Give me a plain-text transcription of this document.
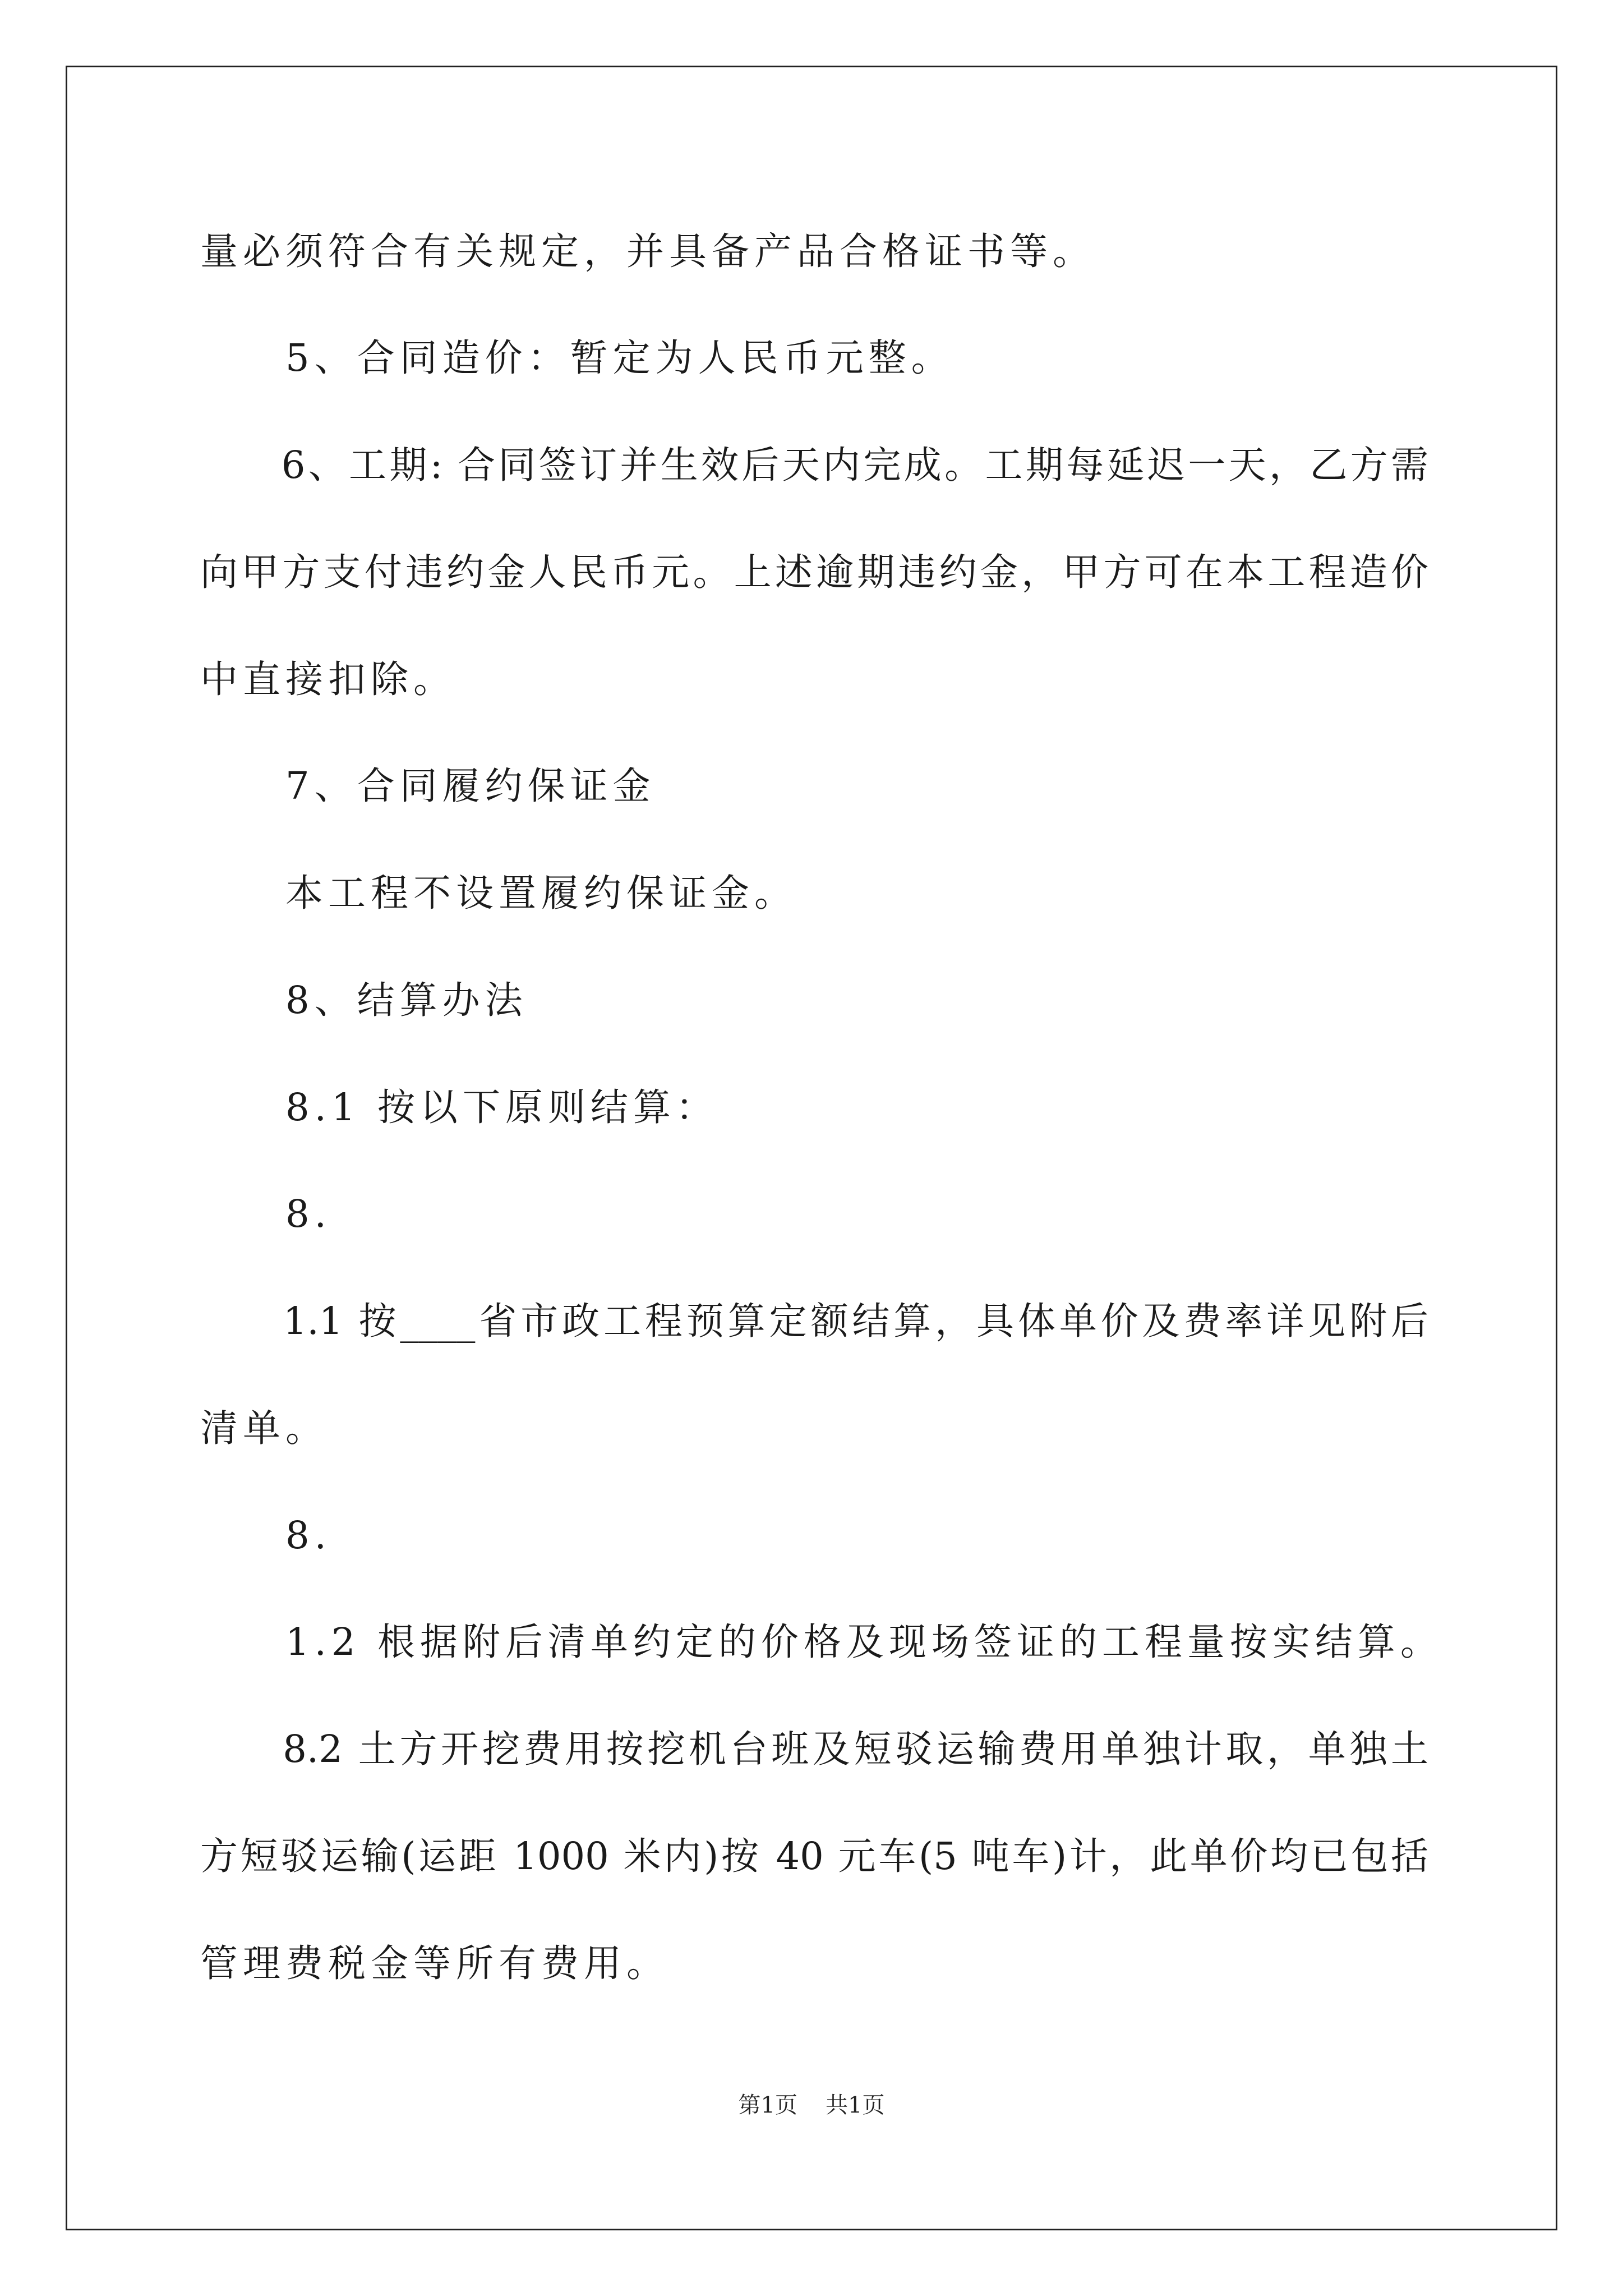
量必须符合有关规定，并具备产品合格证书等。
　　5、合同造价：暂定为人民币元整。
　　6、工期: 合同签订并生效后天内完成。工期每延迟一天，乙方需
向甲方支付违约金人民币元。上述逾期违约金，甲方可在本工程造价
中直接扣除。
　　7、合同履约保证金
　　本工程不设置履约保证金。
　　8、结算办法
　　8.1 按以下原则结算：
　　8.
　　1.1 按____省市政工程预算定额结算，具体单价及费率详见附后
清单。
　　8.
　　1.2 根据附后清单约定的价格及现场签证的工程量按实结算。
　　8.2 土方开挖费用按挖机台班及短驳运输费用单独计取，单独土
方短驳运输(运距 1000 米内)按 40 元车(5 吨车)计，此单价均已包括
管理费税金等所有费用。
第1页 共1页
